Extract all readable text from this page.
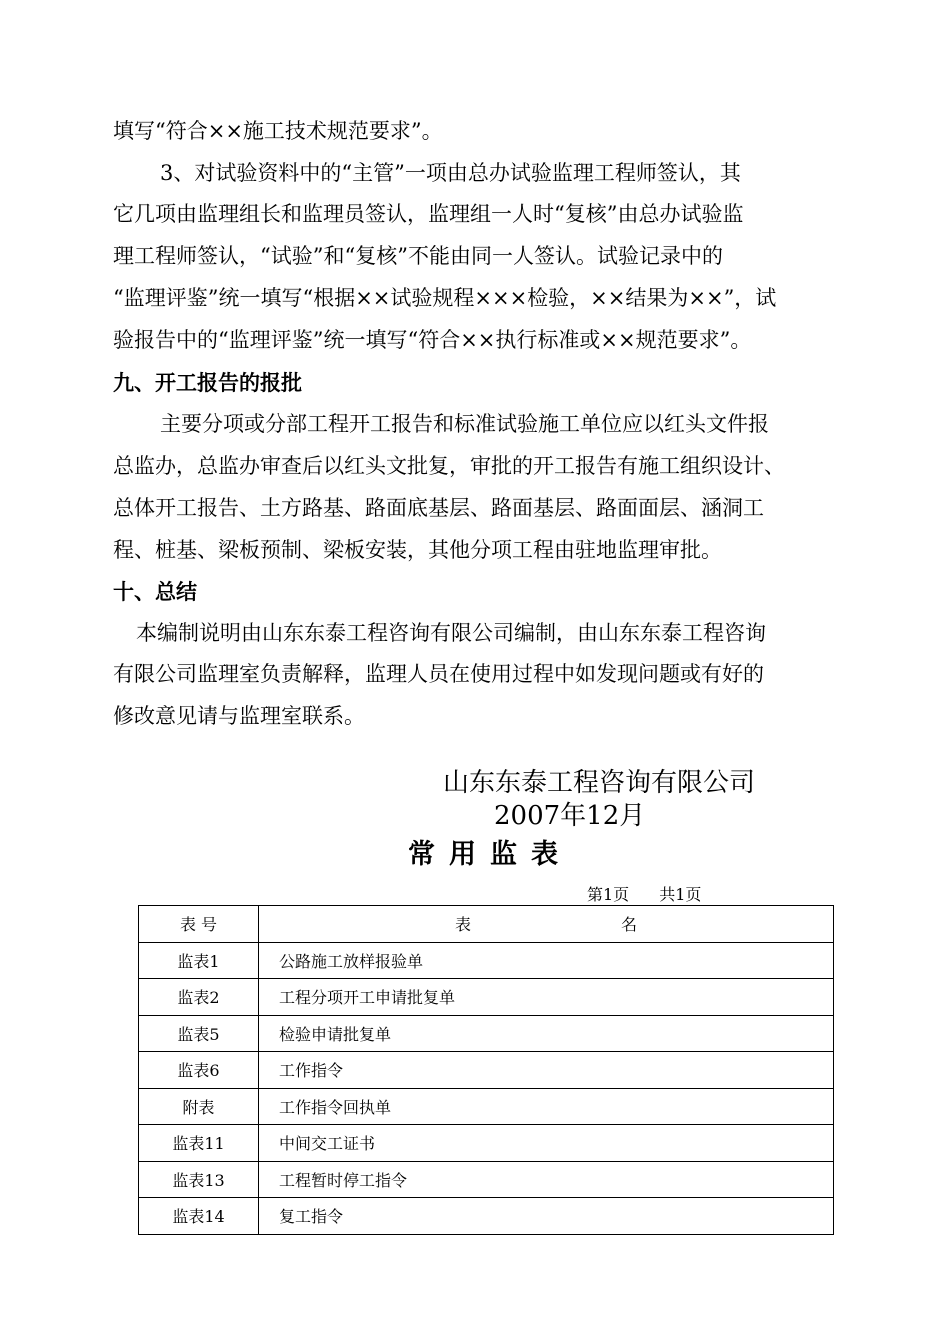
填写“符合××施工技术规范要求”。
3、对试验资料中的“主管”一项由总办试验监理工程师签认，其
它几项由监理组长和监理员签认，监理组一人时“复核”由总办试验监
理工程师签认，“试验”和“复核”不能由同一人签认。试验记录中的
“监理评鉴”统一填写“根据××试验规程×××检验，××结果为××”，试
验报告中的“监理评鉴”统一填写“符合××执行标准或××规范要求”。
九、开工报告的报批
主要分项或分部工程开工报告和标准试验施工单位应以红头文件报
总监办，总监办审查后以红头文批复，审批的开工报告有施工组织设计、
总体开工报告、土方路基、路面底基层、路面基层、路面面层、涵洞工
程、桩基、梁板预制、梁板安装，其他分项工程由驻地监理审批。
十、总结
本编制说明由山东东泰工程咨询有限公司编制，由山东东泰工程咨询
有限公司监理室负责解释，监理人员在使用过程中如发现问题或有好的
修改意见请与监理室联系。
山东东泰工程咨询有限公司
2007年12月
常用监表
第1页 共1页
表 号	表 名
监表1	公路施工放样报验单
监表2	工程分项开工申请批复单
监表5	检验申请批复单
监表6	工作指令
附表	工作指令回执单
监表11	中间交工证书
监表13	工程暂时停工指令
监表14	复工指令
